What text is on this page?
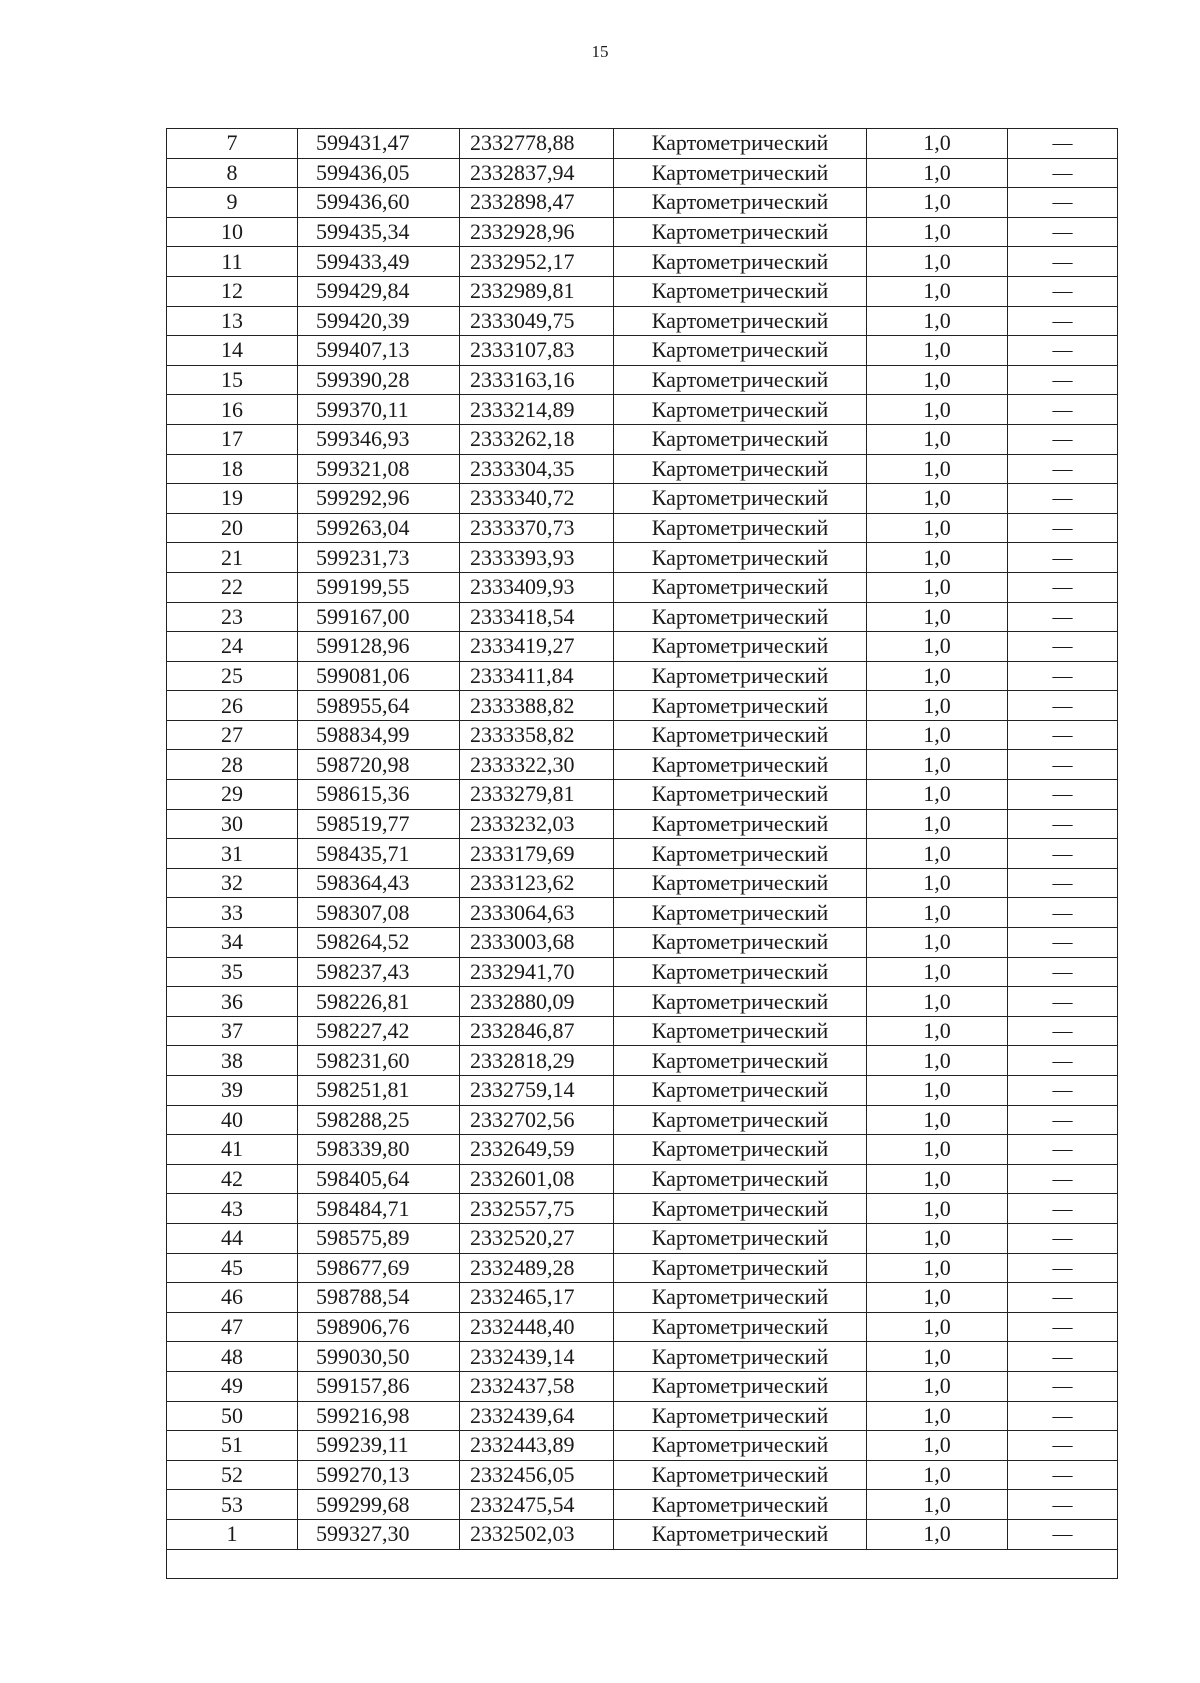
15
7	599431,47	2332778,88	Картометрический	1,0	—
8	599436,05	2332837,94	Картометрический	1,0	—
9	599436,60	2332898,47	Картометрический	1,0	—
10	599435,34	2332928,96	Картометрический	1,0	—
11	599433,49	2332952,17	Картометрический	1,0	—
12	599429,84	2332989,81	Картометрический	1,0	—
13	599420,39	2333049,75	Картометрический	1,0	—
14	599407,13	2333107,83	Картометрический	1,0	—
15	599390,28	2333163,16	Картометрический	1,0	—
16	599370,11	2333214,89	Картометрический	1,0	—
17	599346,93	2333262,18	Картометрический	1,0	—
18	599321,08	2333304,35	Картометрический	1,0	—
19	599292,96	2333340,72	Картометрический	1,0	—
20	599263,04	2333370,73	Картометрический	1,0	—
21	599231,73	2333393,93	Картометрический	1,0	—
22	599199,55	2333409,93	Картометрический	1,0	—
23	599167,00	2333418,54	Картометрический	1,0	—
24	599128,96	2333419,27	Картометрический	1,0	—
25	599081,06	2333411,84	Картометрический	1,0	—
26	598955,64	2333388,82	Картометрический	1,0	—
27	598834,99	2333358,82	Картометрический	1,0	—
28	598720,98	2333322,30	Картометрический	1,0	—
29	598615,36	2333279,81	Картометрический	1,0	—
30	598519,77	2333232,03	Картометрический	1,0	—
31	598435,71	2333179,69	Картометрический	1,0	—
32	598364,43	2333123,62	Картометрический	1,0	—
33	598307,08	2333064,63	Картометрический	1,0	—
34	598264,52	2333003,68	Картометрический	1,0	—
35	598237,43	2332941,70	Картометрический	1,0	—
36	598226,81	2332880,09	Картометрический	1,0	—
37	598227,42	2332846,87	Картометрический	1,0	—
38	598231,60	2332818,29	Картометрический	1,0	—
39	598251,81	2332759,14	Картометрический	1,0	—
40	598288,25	2332702,56	Картометрический	1,0	—
41	598339,80	2332649,59	Картометрический	1,0	—
42	598405,64	2332601,08	Картометрический	1,0	—
43	598484,71	2332557,75	Картометрический	1,0	—
44	598575,89	2332520,27	Картометрический	1,0	—
45	598677,69	2332489,28	Картометрический	1,0	—
46	598788,54	2332465,17	Картометрический	1,0	—
47	598906,76	2332448,40	Картометрический	1,0	—
48	599030,50	2332439,14	Картометрический	1,0	—
49	599157,86	2332437,58	Картометрический	1,0	—
50	599216,98	2332439,64	Картометрический	1,0	—
51	599239,11	2332443,89	Картометрический	1,0	—
52	599270,13	2332456,05	Картометрический	1,0	—
53	599299,68	2332475,54	Картометрический	1,0	—
1	599327,30	2332502,03	Картометрический	1,0	—
